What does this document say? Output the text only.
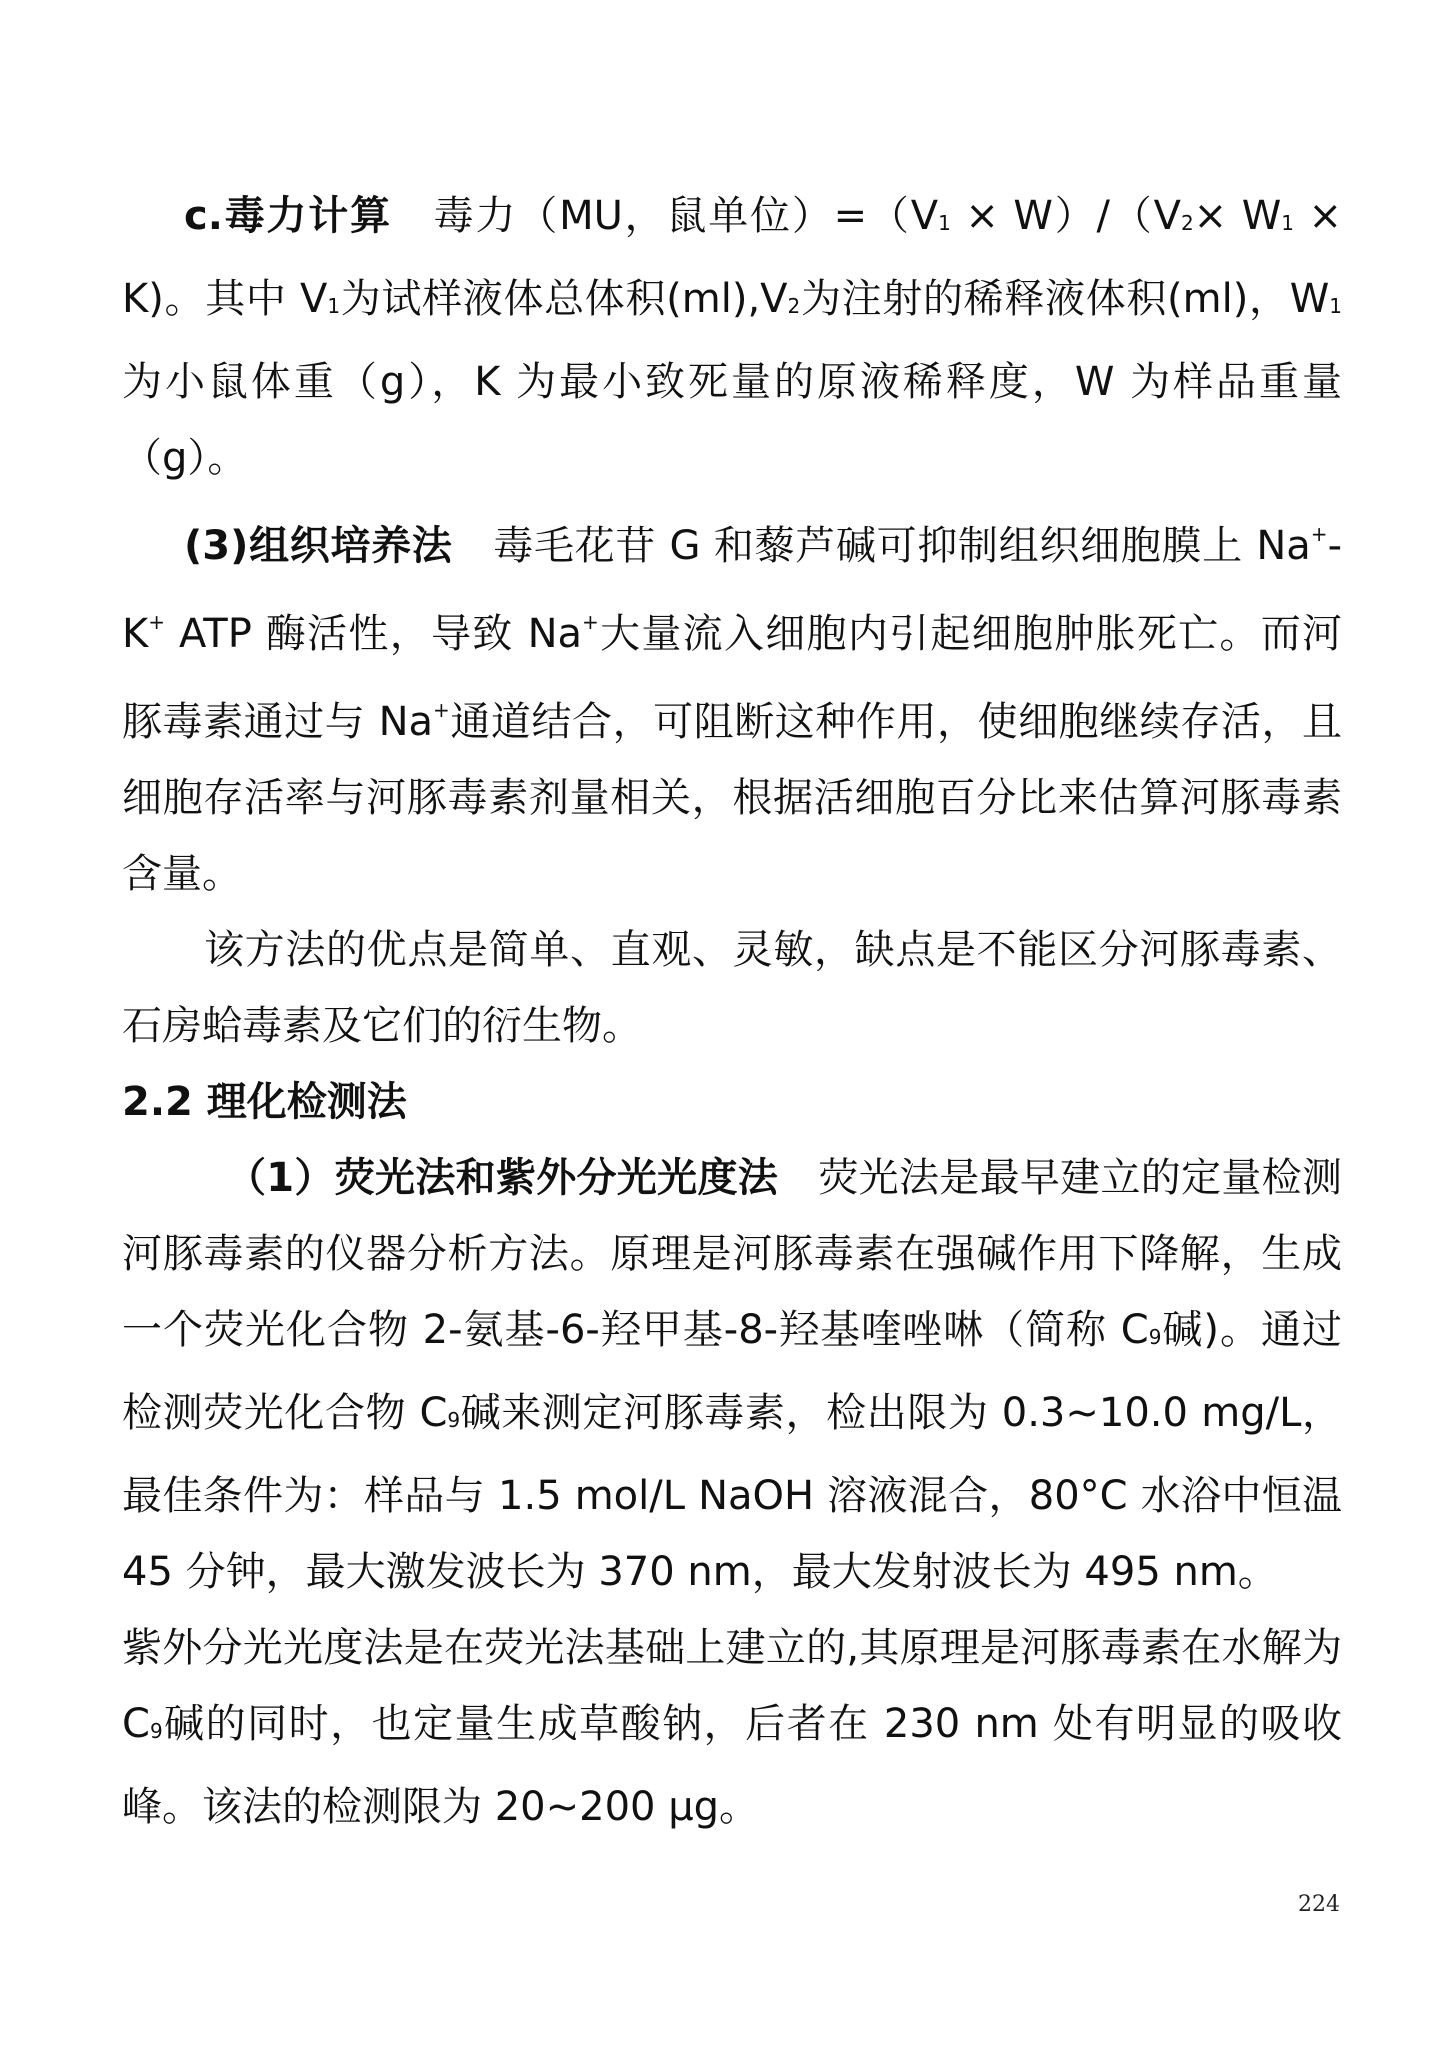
c.毒力计算 毒力（MU，鼠单位）$=(V_1 \times W)/(V_2\times W_1 \times K)$。其中 $V_1$为试样液体总体积$(ml),V_2$为注射的稀释液体积(ml)，$W_1$为小鼠体重（g），K 为最小致死量的原液稀释度，W 为样品重量（g）。

(3)组织培养法 毒毛花苷 G 和藜芦碱可抑制组织细胞膜上 Na+-K+ ATP 酶活性，导致 Na+大量流入细胞内引起细胞肿胀死亡。而河豚毒素通过与 Na+通道结合，可阻断这种作用，使细胞继续存活，且细胞存活率与河豚毒素剂量相关，根据活细胞百分比来估算河豚毒素含量。

该方法的优点是简单、直观、灵敏，缺点是不能区分河豚毒素、石房蛤毒素及它们的衍生物。

2.2 理化检测法

（1）荧光法和紫外分光光度法 荧光法是最早建立的定量检测河豚毒素的仪器分析方法。原理是河豚毒素在强碱作用下降解，生成一个荧光化合物 2-氨基-6-羟甲基-8-羟基喹唑啉（简称 $C_9$碱)。通过检测荧光化合物 $C_9$碱来测定河豚毒素，检出限为 0.3~10.0 mg/L，最佳条件为：样品与 1.5 mol/L NaOH 溶液混合，80°C 水浴中恒温 45 分钟，最大激发波长为 370 nm，最大发射波长为 495 nm。

紫外分光光度法是在荧光法基础上建立的,其原理是河豚毒素在水解为 $C_9$碱的同时，也定量生成草酸钠，后者在 230 nm 处有明显的吸收峰。该法的检测限为 20~200 μg。

224
